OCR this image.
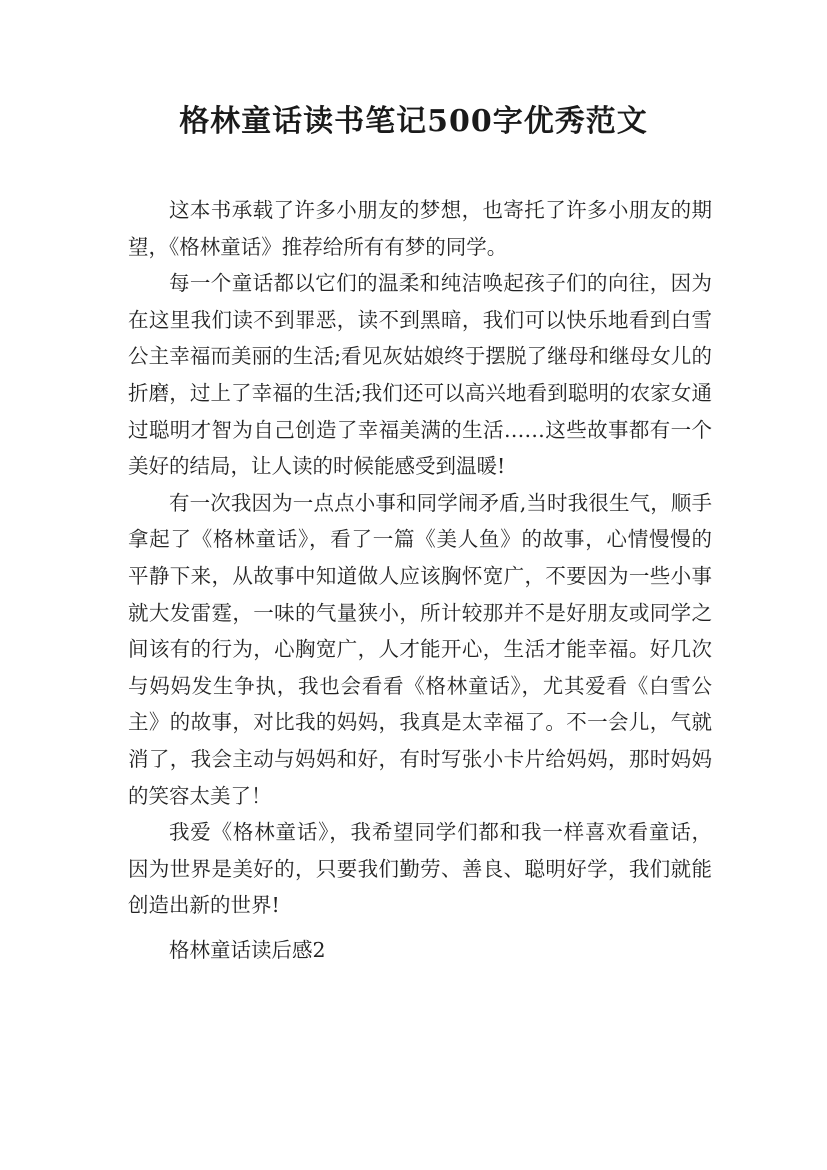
格林童话读书笔记500字优秀范文

这本书承载了许多小朋友的梦想，也寄托了许多小朋友的期望，《格林童话》推荐给所有有梦的同学。

每一个童话都以它们的温柔和纯洁唤起孩子们的向往，因为在这里我们读不到罪恶，读不到黑暗，我们可以快乐地看到白雪公主幸福而美丽的生活;看见灰姑娘终于摆脱了继母和继母女儿的折磨，过上了幸福的生活;我们还可以高兴地看到聪明的农家女通过聪明才智为自己创造了幸福美满的生活……这些故事都有一个美好的结局，让人读的时候能感受到温暖!

有一次我因为一点点小事和同学闹矛盾,当时我很生气，顺手拿起了《格林童话》，看了一篇《美人鱼》的故事，心情慢慢的平静下来，从故事中知道做人应该胸怀宽广，不要因为一些小事就大发雷霆，一味的气量狭小，所计较那并不是好朋友或同学之间该有的行为，心胸宽广，人才能开心，生活才能幸福。好几次与妈妈发生争执，我也会看看《格林童话》，尤其爱看《白雪公主》的故事，对比我的妈妈，我真是太幸福了。不一会儿，气就消了，我会主动与妈妈和好，有时写张小卡片给妈妈，那时妈妈的笑容太美了！

我爱《格林童话》，我希望同学们都和我一样喜欢看童话，因为世界是美好的，只要我们勤劳、善良、聪明好学，我们就能创造出新的世界!

格林童话读后感2
